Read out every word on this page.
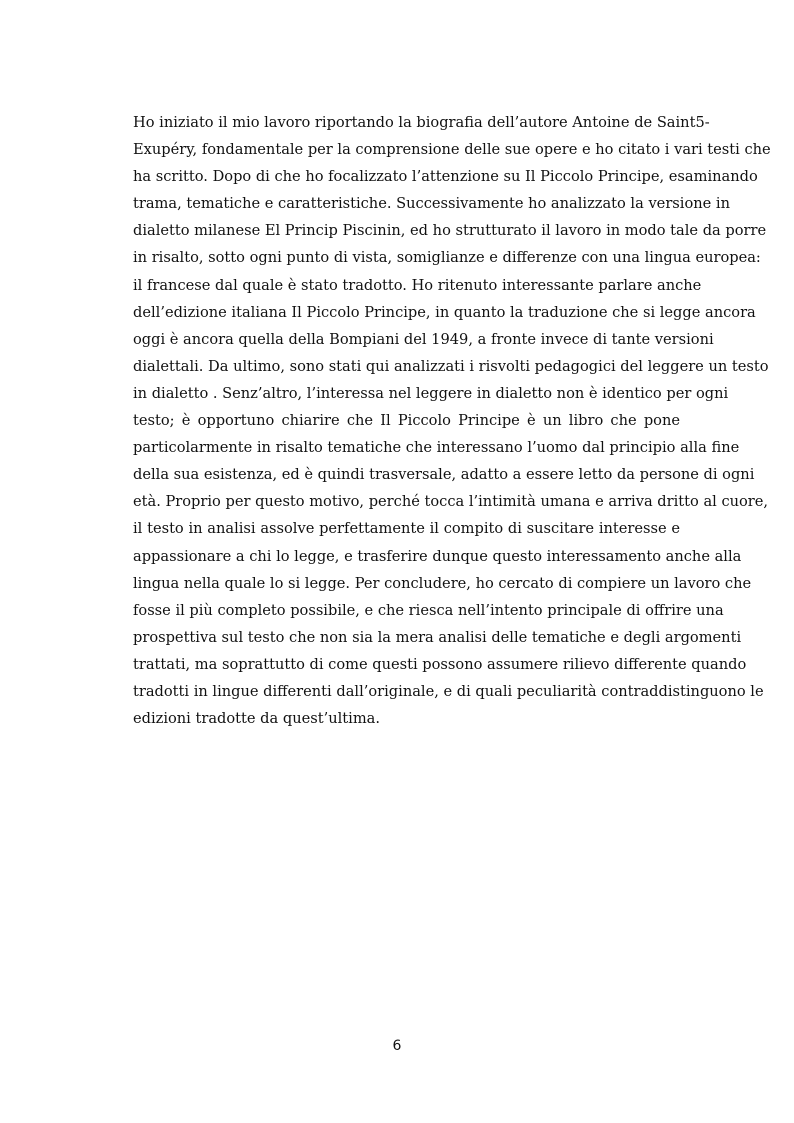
Ho iniziato il mio lavoro riportando la biografia dell’autore Antoine de Saint5-
Exupéry, fondamentale per la comprensione delle sue opere e ho citato i vari testi che
ha scritto. Dopo di che ho focalizzato l’attenzione su Il Piccolo Principe, esaminando
trama, tematiche e caratteristiche. Successivamente ho analizzato la versione in
dialetto milanese El Princip Piscinin, ed ho strutturato il lavoro in modo tale da porre
in risalto, sotto ogni punto di vista, somiglianze e differenze con una lingua europea:
il francese dal quale è stato tradotto. Ho ritenuto interessante parlare anche
dell’edizione italiana Il Piccolo Principe, in quanto la traduzione che si legge ancora
oggi è ancora quella della Bompiani del 1949, a fronte invece di tante versioni
dialettali. Da ultimo, sono stati qui analizzati i risvolti pedagogici del leggere un testo
in dialetto . Senz’altro, l’interessa nel leggere in dialetto non è identico per ogni
testo; è opportuno chiarire che Il Piccolo Principe è un libro che pone
particolarmente in risalto tematiche che interessano l’uomo dal principio alla fine
della sua esistenza, ed è quindi trasversale, adatto a essere letto da persone di ogni
età. Proprio per questo motivo, perché tocca l’intimità umana e arriva dritto al cuore,
il testo in analisi assolve perfettamente il compito di suscitare interesse e
appassionare a chi lo legge, e trasferire dunque questo interessamento anche alla
lingua nella quale lo si legge. Per concludere, ho cercato di compiere un lavoro che
fosse il più completo possibile, e che riesca nell’intento principale di offrire una
prospettiva sul testo che non sia la mera analisi delle tematiche e degli argomenti
trattati, ma soprattutto di come questi possono assumere rilievo differente quando
tradotti in lingue differenti dall’originale, e di quali peculiarità contraddistinguono le
edizioni tradotte da quest’ultima.
6
